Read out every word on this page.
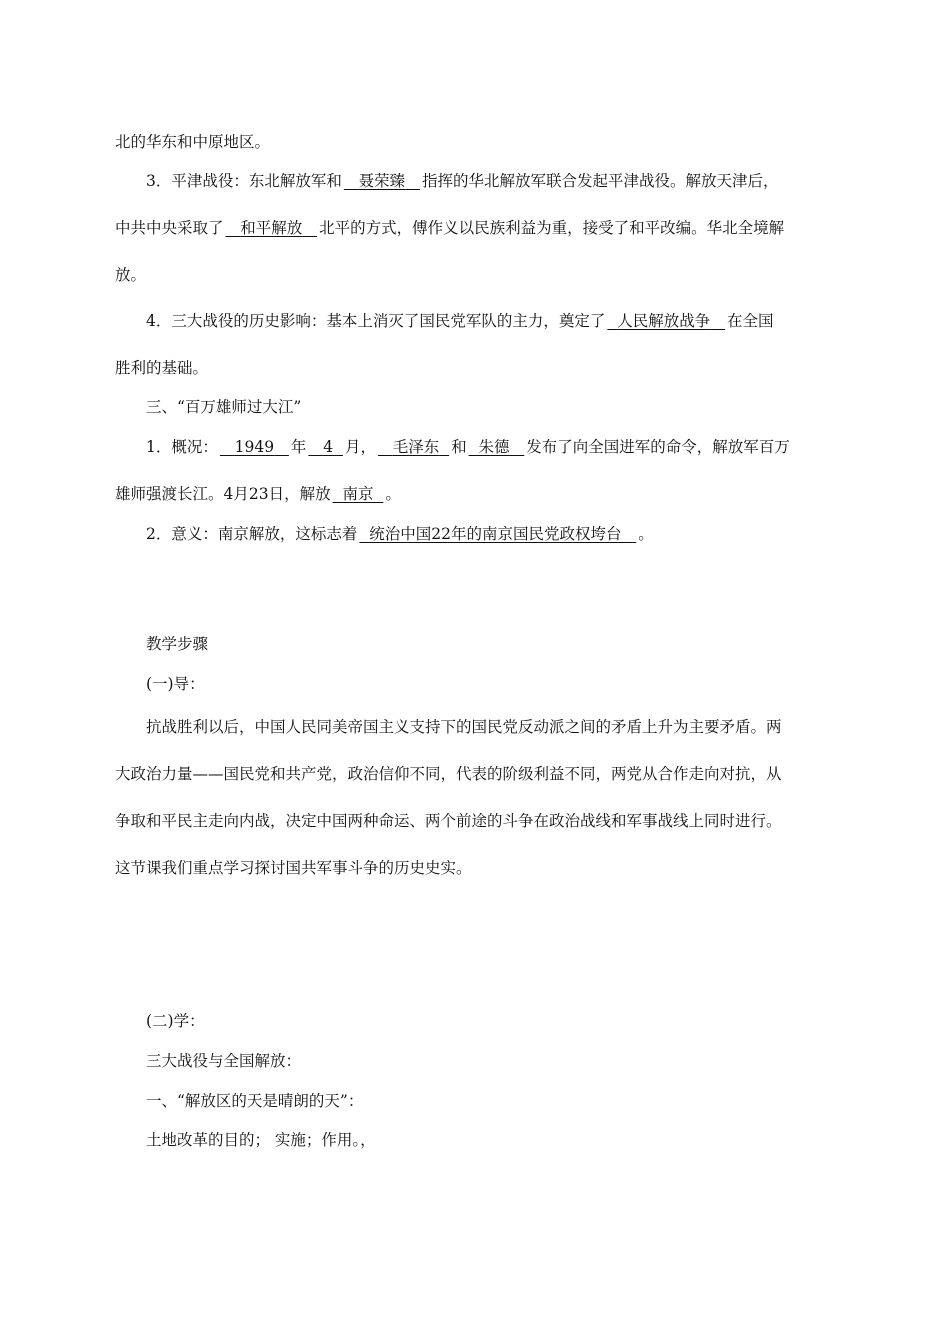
北的华东和中原地区。
3．平津战役：东北解放军和 聂荣臻 指挥的华北解放军联合发起平津战役。解放天津后，
中共中央采取了 和平解放 北平的方式，傅作义以民族利益为重，接受了和平改编。华北全境解
放。
4．三大战役的历史影响：基本上消灭了国民党军队的主力，奠定了 人民解放战争 在全国
胜利的基础。
三、“百万雄师过大江”
1．概况： 1949 年 4 月， 毛泽东 和 朱德 发布了向全国进军的命令，解放军百万
雄师强渡长江。4月23日，解放 南京 。
2．意义：南京解放，这标志着 统治中国22年的南京国民党政权垮台 。
教学步骤
(一)导：
抗战胜利以后，中国人民同美帝国主义支持下的国民党反动派之间的矛盾上升为主要矛盾。两
大政治力量——国民党和共产党，政治信仰不同，代表的阶级利益不同，两党从合作走向对抗，从
争取和平民主走向内战，决定中国两种命运、两个前途的斗争在政治战线和军事战线上同时进行。
这节课我们重点学习探讨国共军事斗争的历史史实。
(二)学：
三大战役与全国解放：
一、“解放区的天是晴朗的天”：
土地改革的目的； 实施；作用。，
